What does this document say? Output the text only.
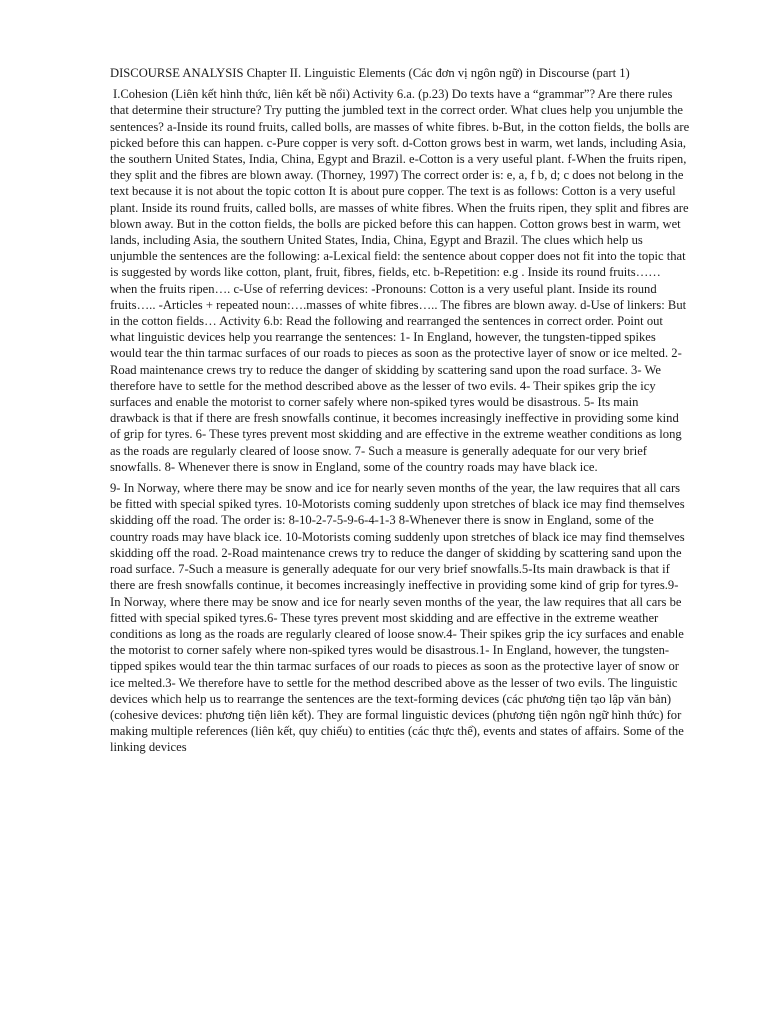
DISCOURSE ANALYSIS Chapter II. Linguistic Elements (Các đơn vị ngôn ngữ) in Discourse (part 1)

I.Cohesion (Liên kết hình thức, liên kết bề nổi) Activity 6.a. (p.23) Do texts have a “grammar”? Are there rules that determine their structure? Try putting the jumbled text in the correct order. What clues help you unjumble the sentences? a-Inside its round fruits, called bolls, are masses of white fibres. b-But, in the cotton fields, the bolls are picked before this can happen. c-Pure copper is very soft. d-Cotton grows best in warm, wet lands, including Asia, the southern United States, India, China, Egypt and Brazil. e-Cotton is a very useful plant. f-When the fruits ripen, they split and the fibres are blown away. (Thorney, 1997) The correct order is: e, a, f b, d; c does not belong in the text because it is not about the topic cotton It is about pure copper. The text is as follows: Cotton is a very useful plant. Inside its round fruits, called bolls, are masses of white fibres. When the fruits ripen, they split and fibres are blown away. But in the cotton fields, the bolls are picked before this can happen. Cotton grows best in warm, wet lands, including Asia, the southern United States, India, China, Egypt and Brazil. The clues which help us unjumble the sentences are the following: a-Lexical field: the sentence about copper does not fit into the topic that is suggested by words like cotton, plant, fruit, fibres, fields, etc. b-Repetition: e.g . Inside its round fruits…… when the fruits ripen…. c-Use of referring devices: -Pronouns: Cotton is a very useful plant. Inside its round fruits….. -Articles + repeated noun:….masses of white fibres….. The fibres are blown away. d-Use of linkers: But in the cotton fields… Activity 6.b: Read the following and rearranged the sentences in correct order. Point out what linguistic devices help you rearrange the sentences: 1- In England, however, the tungsten-tipped spikes would tear the thin tarmac surfaces of our roads to pieces as soon as the protective layer of snow or ice melted. 2- Road maintenance crews try to reduce the danger of skidding by scattering sand upon the road surface. 3- We therefore have to settle for the method described above as the lesser of two evils. 4- Their spikes grip the icy surfaces and enable the motorist to corner safely where non-spiked tyres would be disastrous. 5- Its main drawback is that if there are fresh snowfalls continue, it becomes increasingly ineffective in providing some kind of grip for tyres. 6- These tyres prevent most skidding and are effective in the extreme weather conditions as long as the roads are regularly cleared of loose snow. 7- Such a measure is generally adequate for our very brief snowfalls. 8- Whenever there is snow in England, some of the country roads may have black ice.

9- In Norway, where there may be snow and ice for nearly seven months of the year, the law requires that all cars be fitted with special spiked tyres. 10-Motorists coming suddenly upon stretches of black ice may find themselves skidding off the road. The order is: 8-10-2-7-5-9-6-4-1-3 8-Whenever there is snow in England, some of the country roads may have black ice. 10-Motorists coming suddenly upon stretches of black ice may find themselves skidding off the road. 2-Road maintenance crews try to reduce the danger of skidding by scattering sand upon the road surface. 7-Such a measure is generally adequate for our very brief snowfalls.5-Its main drawback is that if there are fresh snowfalls continue, it becomes increasingly ineffective in providing some kind of grip for tyres.9- In Norway, where there may be snow and ice for nearly seven months of the year, the law requires that all cars be fitted with special spiked tyres.6- These tyres prevent most skidding and are effective in the extreme weather conditions as long as the roads are regularly cleared of loose snow.4- Their spikes grip the icy surfaces and enable the motorist to corner safely where non-spiked tyres would be disastrous.1- In England, however, the tungsten-tipped spikes would tear the thin tarmac surfaces of our roads to pieces as soon as the protective layer of snow or ice melted.3- We therefore have to settle for the method described above as the lesser of two evils. The linguistic devices which help us to rearrange the sentences are the text-forming devices (các phương tiện tạo lập văn bản) (cohesive devices: phương tiện liên kết). They are formal linguistic devices (phương tiện ngôn ngữ hình thức) for making multiple references (liên kết, quy chiếu) to entities (các thực thể), events and states of affairs. Some of the linking devices
